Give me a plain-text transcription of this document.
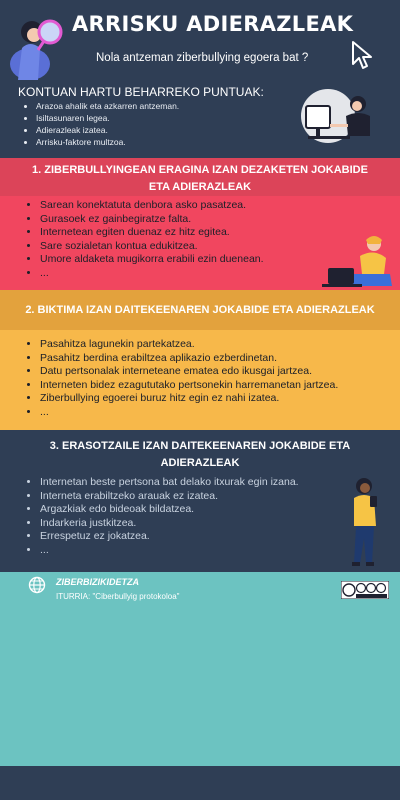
ARRISKU ADIERAZLEAK
Nola antzeman ziberbullying egoera bat ?
KONTUAN HARTU BEHARREKO PUNTUAK:
• Arazoa ahalik eta azkarren antzeman.
• Isiltasunaren legea.
• Adierazleak izatea.
• Arrisku-faktore multzoa.
1. ZIBERBULLYINGEAN ERAGINA IZAN DEZAKETEN JOKABIDE
ETA ADIERAZLEAK
• Sarean konektatuta denbora asko pasatzea.
• Gurasoek ez gainbegiratze falta.
• Internetean egiten duenaz ez hitz egitea.
• Sare sozialetan kontua edukitzea.
• Umore aldaketa mugikorra erabili ezin duenean.
• ...
2. BIKTIMA IZAN DAITEKEENAREN JOKABIDE ETA ADIERAZLEAK
• Pasahitza lagunekin partekatzea.
• Pasahitz berdina erabiltzea aplikazio ezberdinetan.
• Datu pertsonalak interneteane ematea edo ikusgai jartzea.
• Interneten bidez ezagututako pertsonekin harremanetan jartzea.
• Ziberbullying egoerei buruz hitz egin ez nahi izatea.
• ...
3. ERASOTZAILE IZAN DAITEKEENAREN JOKABIDE ETA
ADIERAZLEAK
• Internetan beste pertsona bat delako itxurak egin izana.
• Interneta erabiltzeko arauak ez izatea.
• Argazkiak edo bideoak bildatzea.
• Indarkeria justkitzea.
• Errespetuz ez jokatzea.
• ...
ZIBERBIZIKIDETZA
ITURRIA: "Ciberbullyig protokoloa"
